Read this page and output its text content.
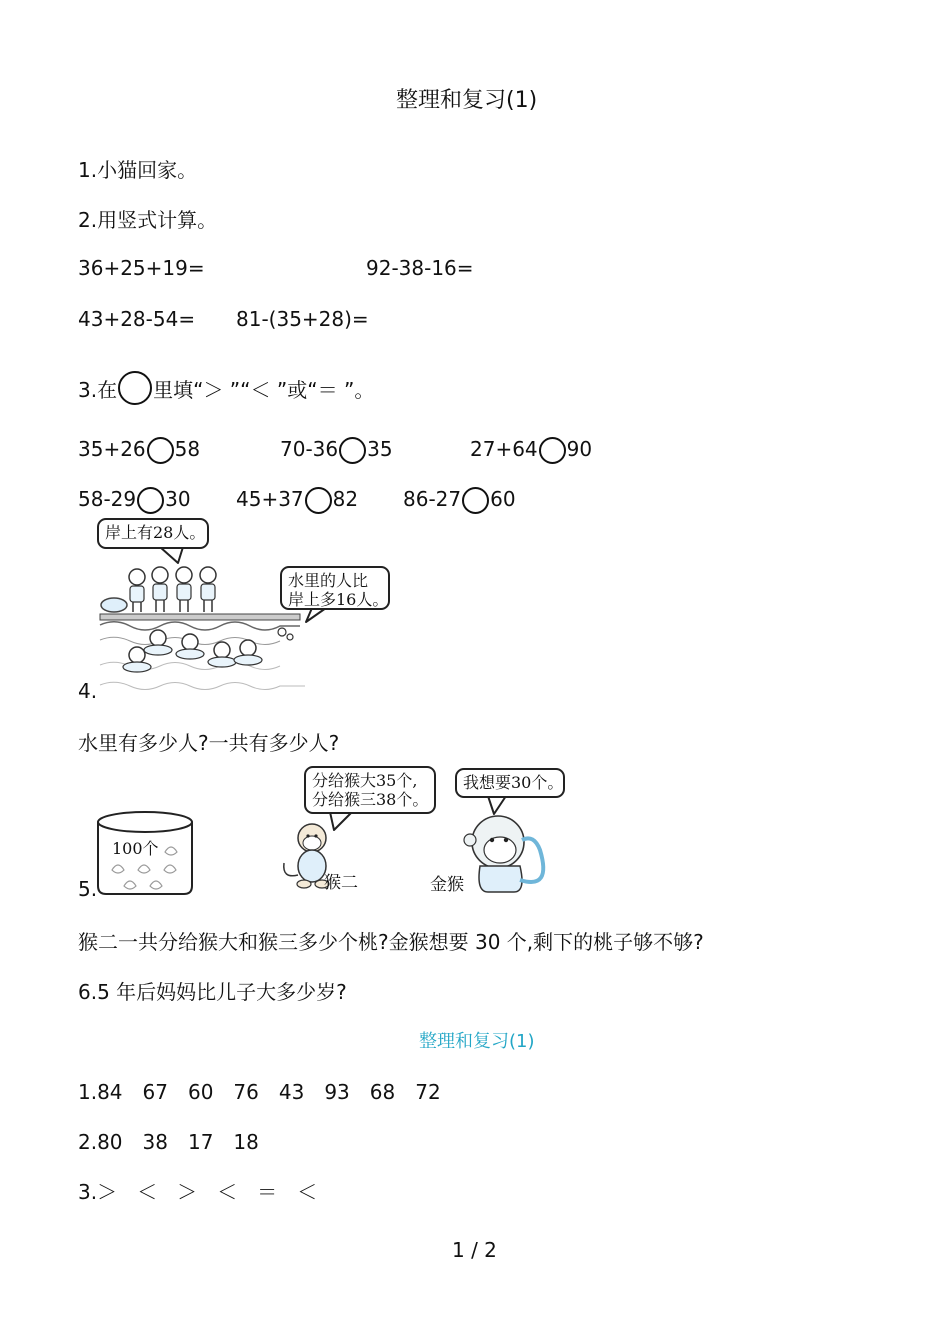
整理和复习(1)
1.小猫回家。
2.用竖式计算。
36+25+19=	92-38-16=
43+28-54= 81-(35+28)=
3.在 里填“＞ ”“＜ ”或“＝ ”。
35+26 58	70-36 35	27+64 90
58-29 30 45+37 82 86-27 60
岸上有28人。
水里的人比
岸上多16人。
4.
水里有多少人?一共有多少人?
100个
分给猴大35个,
分给猴三38个。
我想要30个。
猴二	金猴
5.
猴二一共分给猴大和猴三多少个桃?金猴想要 30 个,剩下的桃子够不够?
6.5 年后妈妈比儿子大多少岁?
整理和复习(1)
1.84　67　60　76　43　93　68　72
2.80　38　17　18
3.＞　＜　＞　＜　＝　＜
1 / 2
